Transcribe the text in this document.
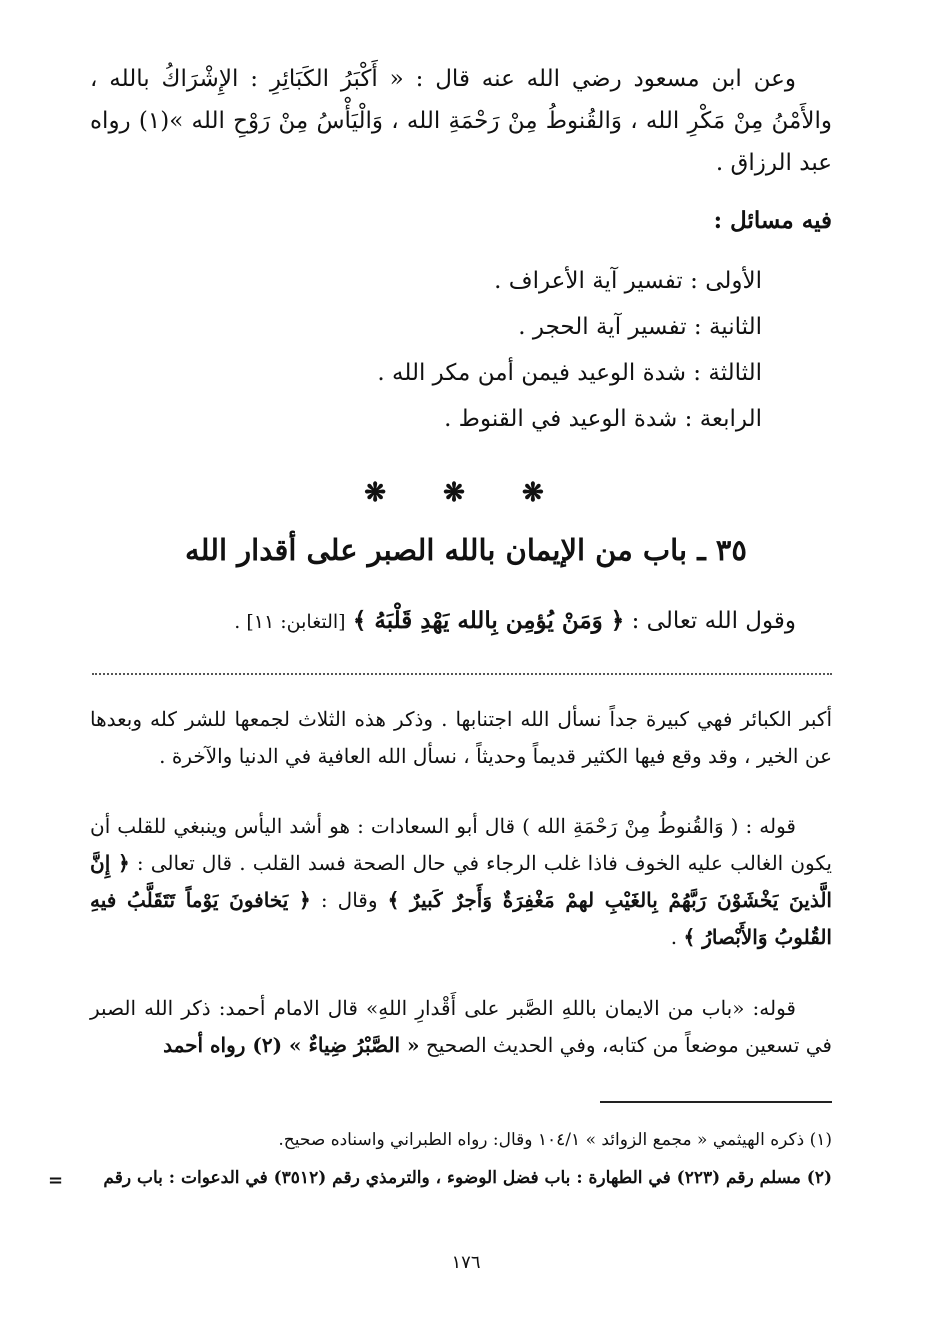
وعن ابن مسعود رضي الله عنه قال : « أَكْبَرُ الكَبَائِرِ : الإِشْرَاكُ بالله ، والأَمْنُ مِنْ مَكْرِ الله ، وَالقُنوطُ مِنْ رَحْمَةِ الله ، وَالْيَأْسُ مِنْ رَوْحِ الله »(١) رواه عبد الرزاق .

فيه مسائل :

الأولى : تفسير آية الأعراف .

الثانية : تفسير آية الحجر .

الثالثة : شدة الوعيد فيمن أمن مكر الله .

الرابعة : شدة الوعيد في القنوط .

❋ ❋ ❋
٣٥ ـ باب من الإيمان بالله الصبر على أقدار الله

وقول الله تعالى : ﴿ وَمَنْ يُؤمِن بِالله يَهْدِ قَلْبَهُ ﴾ [التغابن: ١١] .

أكبر الكبائر فهي كبيرة جداً نسأل الله اجتنابها . وذكر هذه الثلاث لجمعها للشر كله وبعدها عن الخير ، وقد وقع فيها الكثير قديماً وحديثاً ، نسأل الله العافية في الدنيا والآخرة .

قوله : ( وَالقُنوطُ مِنْ رَحْمَةِ الله ) قال أبو السعادات : هو أشد اليأس وينبغي للقلب أن يكون الغالب عليه الخوف فاذا غلب الرجاء في حال الصحة فسد القلب . قال تعالى : ﴿ إِنَّ الَّذينَ يَخْشَوْنَ رَبَّهُمْ بِالغَيْبِ لهمْ مَغْفِرَةٌ وَأَجرٌ كَبيرٌ ﴾ وقال : ﴿ يَخافونَ يَوْماً تَتَقَلَّبُ فيهِ القُلوبُ وَالأَبْصارُ ﴾ .

قوله: «باب من الايمان باللهِ الصَّبر على أَقْدارِ اللهِ» قال الامام أحمد: ذكر الله الصبر في تسعين موضعاً من كتابه، وفي الحديث الصحيح « الصَّبْرُ ضِياءٌ » (٢) رواه أحمد

(١) ذكره الهيثمي « مجمع الزوائد » ١٠٤/١ وقال: رواه الطبراني واسناده صحيح.

(٢) مسلم رقم (٢٢٣) في الطهارة : باب فضل الوضوء ، والترمذي رقم (٣٥١٢) في الدعوات : باب رقم

=
١٧٦
